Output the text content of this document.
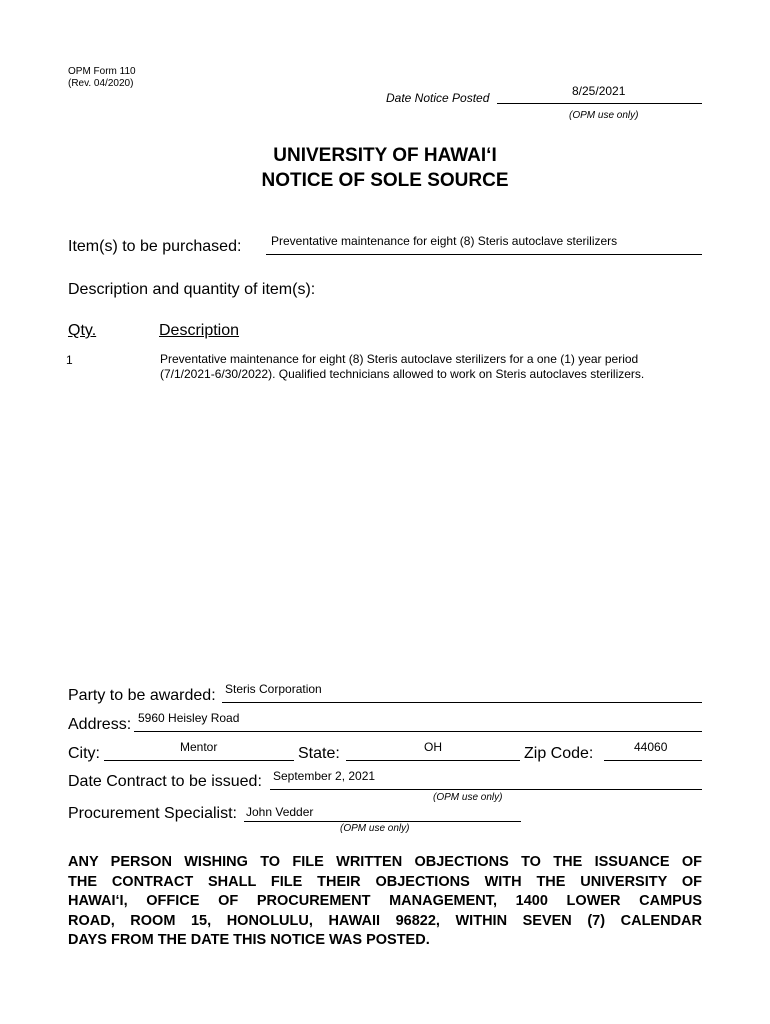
OPM Form 110
(Rev. 04/2020)
Date Notice Posted	8/25/2021
(OPM use only)
UNIVERSITY OF HAWAI‘I
NOTICE OF SOLE SOURCE
Item(s) to be purchased: Preventative maintenance for eight (8) Steris autoclave sterilizers
Description and quantity of item(s):
Qty.	Description
1	Preventative maintenance for eight (8) Steris autoclave sterilizers for a one (1) year period
(7/1/2021-6/30/2022). Qualified technicians allowed to work on Steris autoclaves sterilizers.
Party to be awarded: Steris Corporation
Address: 5960 Heisley Road
City:	Mentor	State:	OH	Zip Code:	44060
Date Contract to be issued: September 2, 2021
(OPM use only)
Procurement Specialist: John Vedder
(OPM use only)
ANY PERSON WISHING TO FILE WRITTEN OBJECTIONS TO THE ISSUANCE OF
THE CONTRACT SHALL FILE THEIR OBJECTIONS WITH THE UNIVERSITY OF
HAWAI‘I, OFFICE OF PROCUREMENT MANAGEMENT, 1400 LOWER CAMPUS
ROAD, ROOM 15, HONOLULU, HAWAII 96822, WITHIN SEVEN (7) CALENDAR
DAYS FROM THE DATE THIS NOTICE WAS POSTED.
